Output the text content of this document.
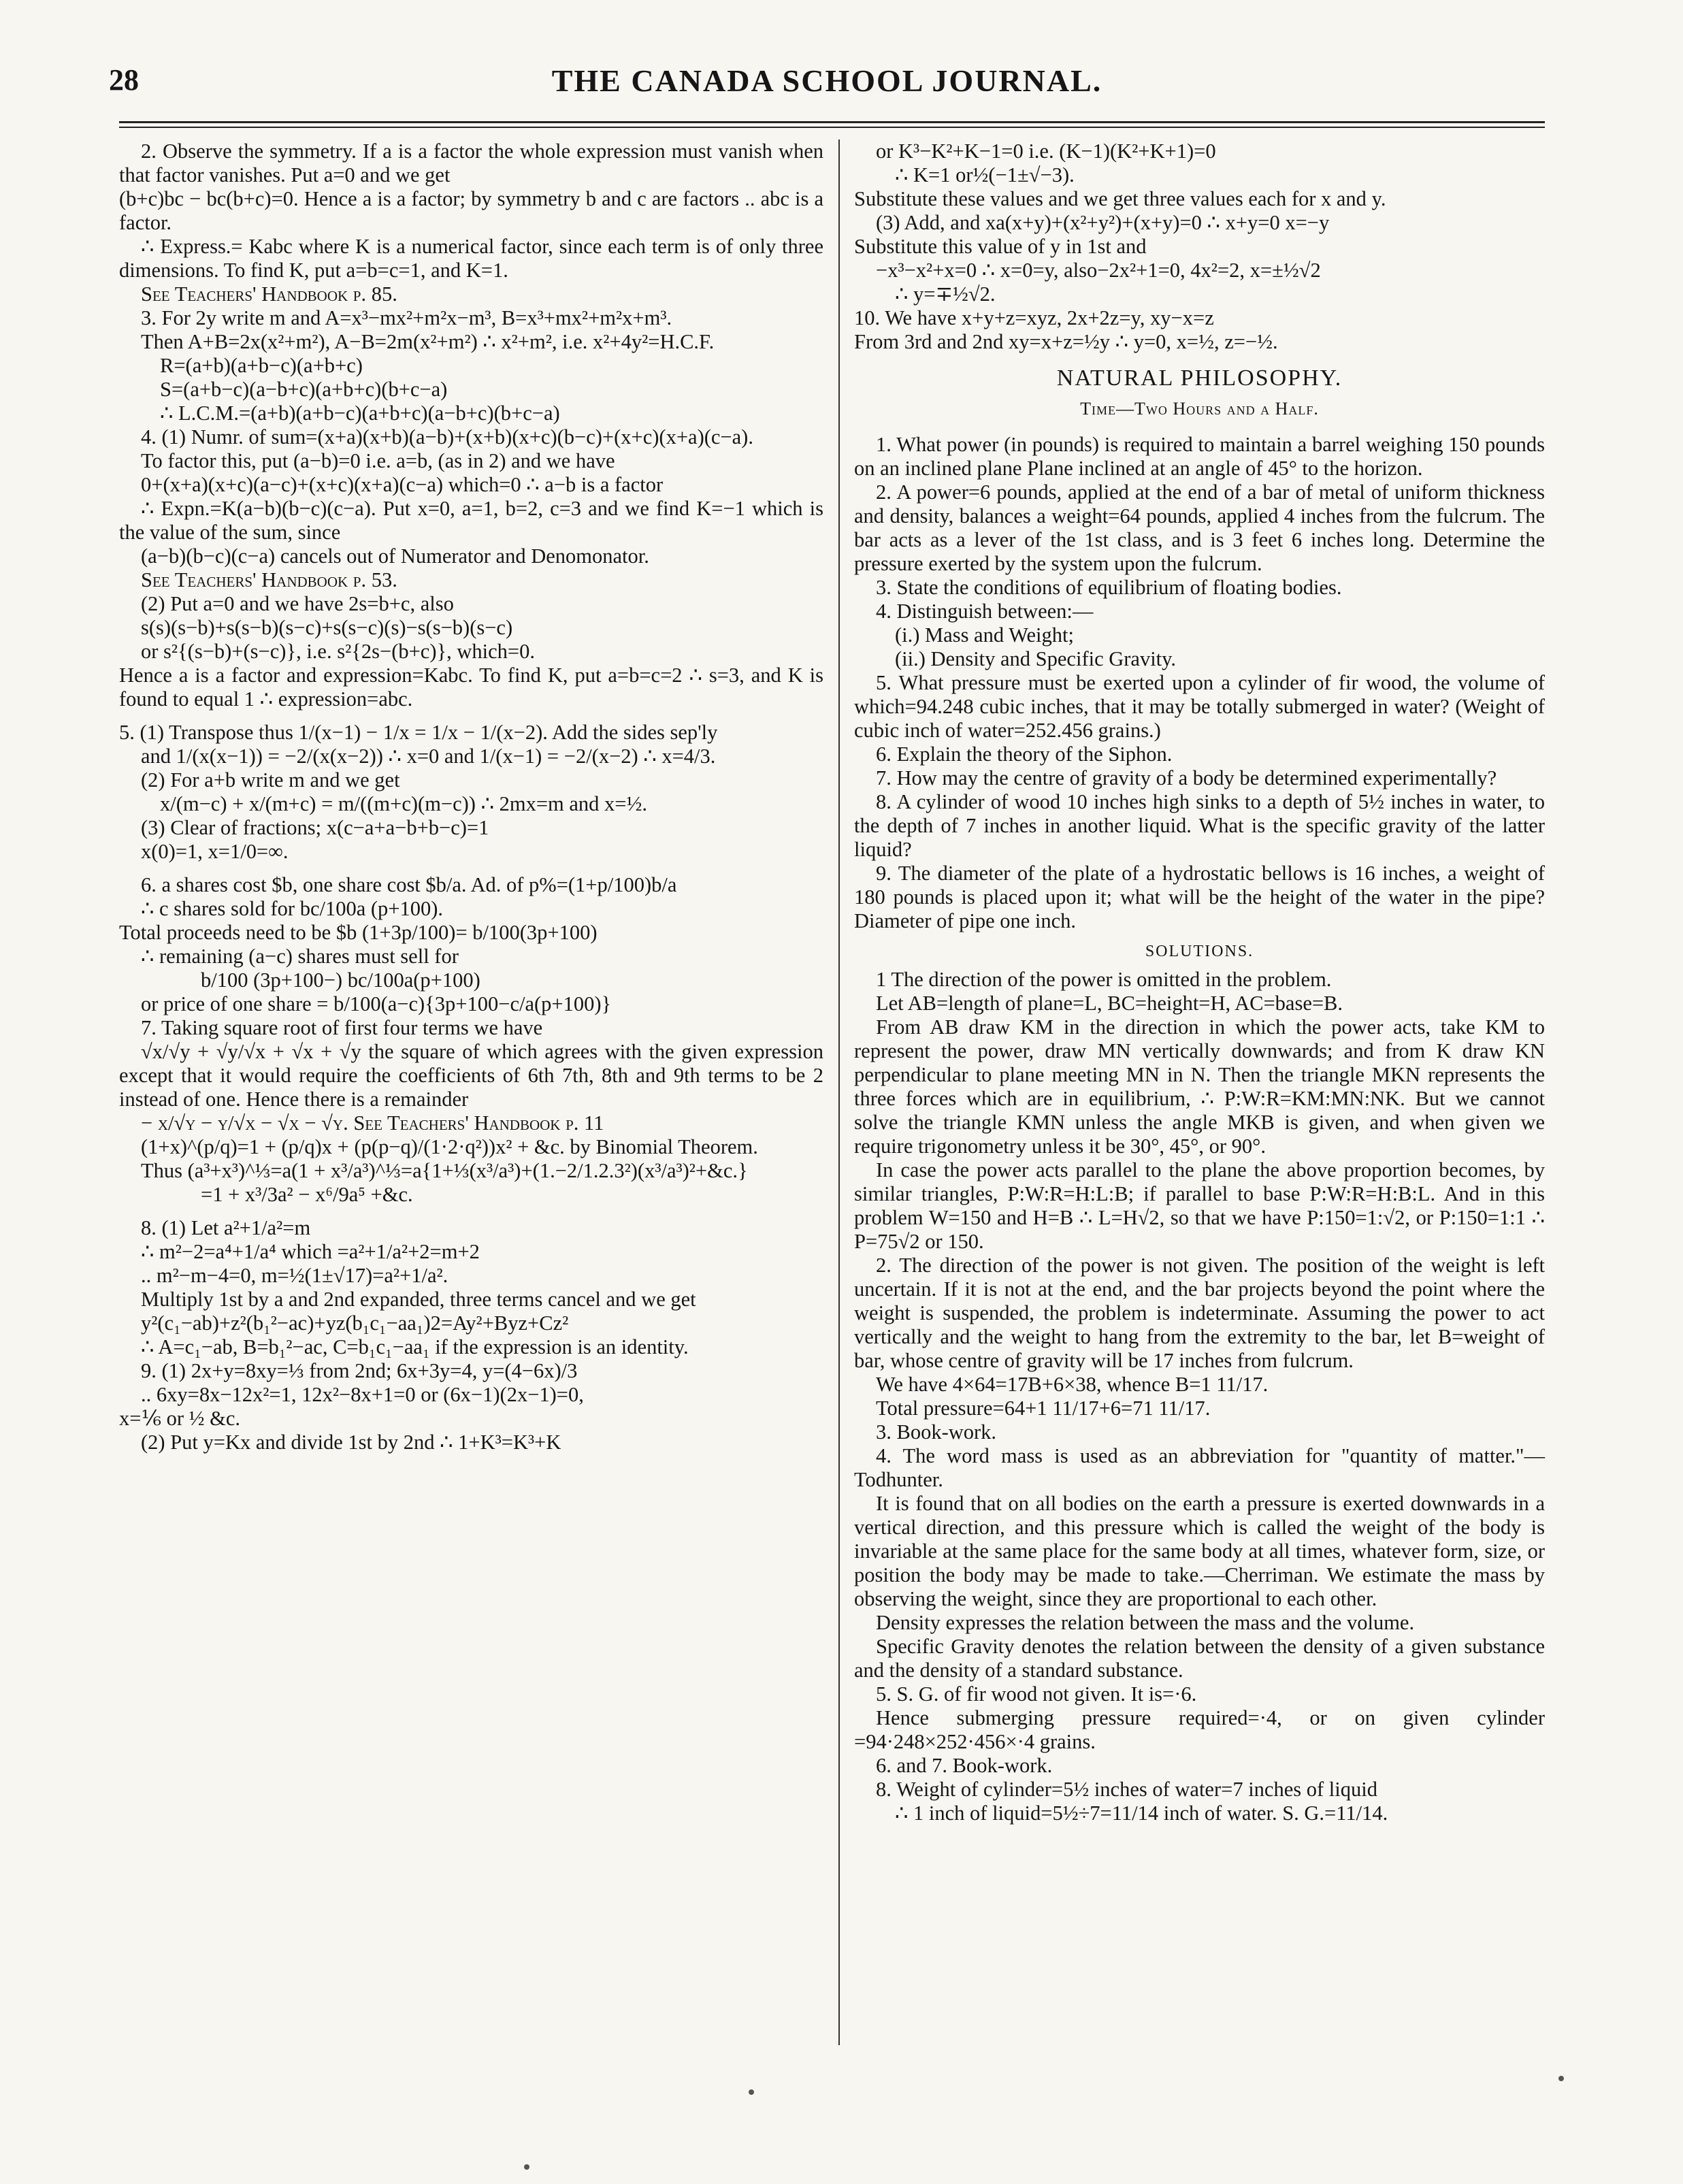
28	THE CANADA SCHOOL JOURNAL.

2. Observe the symmetry. If a is a factor the whole expression must vanish when that factor vanishes. Put a=0 and we get

(b+c)bc − bc(b+c)=0. Hence a is a factor; by symmetry b and c are factors .. abc is a factor.

∴ Express.= Kabc where K is a numerical factor, since each term is of only three dimensions. To find K, put a=b=c=1, and K=1.

See Teachers' Handbook p. 85.

3. For 2y write m and A=x³−mx²+m²x−m³, B=x³+mx²+m²x+m³.

Then A+B=2x(x²+m²), A−B=2m(x²+m²) ∴ x²+m², i.e. x²+4y²=H.C.F.

R=(a+b)(a+b−c)(a+b+c)

S=(a+b−c)(a−b+c)(a+b+c)(b+c−a)

∴ L.C.M.=(a+b)(a+b−c)(a+b+c)(a−b+c)(b+c−a)

4. (1) Numr. of sum=(x+a)(x+b)(a−b)+(x+b)(x+c)(b−c)+(x+c)(x+a)(c−a).

To factor this, put (a−b)=0 i.e. a=b, (as in 2) and we have

0+(x+a)(x+c)(a−c)+(x+c)(x+a)(c−a) which=0 ∴ a−b is a factor

∴ Expn.=K(a−b)(b−c)(c−a). Put x=0, a=1, b=2, c=3 and we find K=−1 which is the value of the sum, since

(a−b)(b−c)(c−a) cancels out of Numerator and Denomonator.

See Teachers' Handbook p. 53.

(2) Put a=0 and we have 2s=b+c, also

s(s)(s−b)+s(s−b)(s−c)+s(s−c)(s)−s(s−b)(s−c)

or s²{(s−b)+(s−c)}, i.e. s²{2s−(b+c)}, which=0.

Hence a is a factor and expression=Kabc. To find K, put a=b=c=2 ∴ s=3, and K is found to equal 1 ∴ expression=abc.

5. (1) Transpose thus 1/(x−1) − 1/x = 1/x − 1/(x−2). Add the sides sep'ly

and 1/(x(x−1)) = −2/(x(x−2)) ∴ x=0 and 1/(x−1) = −2/(x−2) ∴ x=4/3.

(2) For a+b write m and we get

x/(m−c) + x/(m+c) = m/((m+c)(m−c)) ∴ 2mx=m and x=½.

(3) Clear of fractions; x(c−a+a−b+b−c)=1

x(0)=1, x=1/0=∞.

6. a shares cost $b, one share cost $b/a. Ad. of p%=(1+p/100)b/a

∴ c shares sold for bc/100a (p+100).

Total proceeds need to be $b (1+3p/100)= b/100(3p+100)

∴ remaining (a−c) shares must sell for

b/100 (3p+100−) bc/100a(p+100)

or price of one share = b/100(a−c){3p+100−c/a(p+100)}

7. Taking square root of first four terms we have

√x/√y + √y/√x + √x + √y the square of which agrees with the given expression except that it would require the coefficients of 6th 7th, 8th and 9th terms to be 2 instead of one. Hence there is a remainder

− x/√y − y/√x − √x − √y. See Teachers' Handbook p. 11

(1+x)^(p/q)=1 + (p/q)x + (p(p−q)/(1·2·q²))x² + &c. by Binomial Theorem.

Thus (a³+x³)^⅓=a(1 + x³/a³)^⅓=a{1+⅓(x³/a³)+(1.−2/1.2.3²)(x³/a³)²+&c.}

=1 + x³/3a² − x⁶/9a⁵ +&c.

8. (1) Let a²+1/a²=m

∴ m²−2=a⁴+1/a⁴ which =a²+1/a²+2=m+2

.. m²−m−4=0, m=½(1±√17)=a²+1/a².

Multiply 1st by a and 2nd expanded, three terms cancel and we get

y²(c₁−ab)+z²(b₁²−ac)+yz(b₁c₁−aa₁)2=Ay²+Byz+Cz²

∴ A=c₁−ab, B=b₁²−ac, C=b₁c₁−aa₁ if the expression is an identity.

9. (1) 2x+y=8xy=⅓ from 2nd; 6x+3y=4, y=(4−6x)/3

.. 6xy=8x−12x²=1, 12x²−8x+1=0 or (6x−1)(2x−1)=0,

x=⅙ or ½ &c.

(2) Put y=Kx and divide 1st by 2nd ∴ 1+K³=K³+K

or K³−K²+K−1=0 i.e. (K−1)(K²+K+1)=0

∴ K=1 or½(−1±√−3).

Substitute these values and we get three values each for x and y.

(3) Add, and xa(x+y)+(x²+y²)+(x+y)=0 ∴ x+y=0 x=−y

Substitute this value of y in 1st and

−x³−x²+x=0 ∴ x=0=y, also−2x²+1=0, 4x²=2, x=±½√2

∴ y=∓½√2.

10. We have x+y+z=xyz, 2x+2z=y, xy−x=z

From 3rd and 2nd xy=x+z=½y ∴ y=0, x=½, z=−½.

NATURAL PHILOSOPHY.
Time—Two Hours and a Half.

1. What power (in pounds) is required to maintain a barrel weighing 150 pounds on an inclined plane Plane inclined at an angle of 45° to the horizon.

2. A power=6 pounds, applied at the end of a bar of metal of uniform thickness and density, balances a weight=64 pounds, applied 4 inches from the fulcrum. The bar acts as a lever of the 1st class, and is 3 feet 6 inches long. Determine the pressure exerted by the system upon the fulcrum.

3. State the conditions of equilibrium of floating bodies.

4. Distinguish between:—

(i.) Mass and Weight;

(ii.) Density and Specific Gravity.

5. What pressure must be exerted upon a cylinder of fir wood, the volume of which=94.248 cubic inches, that it may be totally submerged in water? (Weight of cubic inch of water=252.456 grains.)

6. Explain the theory of the Siphon.

7. How may the centre of gravity of a body be determined experimentally?

8. A cylinder of wood 10 inches high sinks to a depth of 5½ inches in water, to the depth of 7 inches in another liquid. What is the specific gravity of the latter liquid?

9. The diameter of the plate of a hydrostatic bellows is 16 inches, a weight of 180 pounds is placed upon it; what will be the height of the water in the pipe? Diameter of pipe one inch.

SOLUTIONS.

1 The direction of the power is omitted in the problem.

Let AB=length of plane=L, BC=height=H, AC=base=B.

From AB draw KM in the direction in which the power acts, take KM to represent the power, draw MN vertically downwards; and from K draw KN perpendicular to plane meeting MN in N. Then the triangle MKN represents the three forces which are in equilibrium, ∴ P:W:R=KM:MN:NK. But we cannot solve the triangle KMN unless the angle MKB is given, and when given we require trigonometry unless it be 30°, 45°, or 90°.

In case the power acts parallel to the plane the above proportion becomes, by similar triangles, P:W:R=H:L:B; if parallel to base P:W:R=H:B:L. And in this problem W=150 and H=B ∴ L=H√2, so that we have P:150=1:√2, or P:150=1:1 ∴ P=75√2 or 150.

2. The direction of the power is not given. The position of the weight is left uncertain. If it is not at the end, and the bar projects beyond the point where the weight is suspended, the problem is indeterminate. Assuming the power to act vertically and the weight to hang from the extremity to the bar, let B=weight of bar, whose centre of gravity will be 17 inches from fulcrum.

We have 4×64=17B+6×38, whence B=1 11/17.

Total pressure=64+1 11/17+6=71 11/17.

3. Book-work.

4. The word mass is used as an abbreviation for "quantity of matter."—Todhunter.

It is found that on all bodies on the earth a pressure is exerted downwards in a vertical direction, and this pressure which is called the weight of the body is invariable at the same place for the same body at all times, whatever form, size, or position the body may be made to take.—Cherriman. We estimate the mass by observing the weight, since they are proportional to each other.

Density expresses the relation between the mass and the volume.

Specific Gravity denotes the relation between the density of a given substance and the density of a standard substance.

5. S. G. of fir wood not given. It is=·6.

Hence submerging pressure required=·4, or on given cylinder =94·248×252·456×·4 grains.

6. and 7. Book-work.

8. Weight of cylinder=5½ inches of water=7 inches of liquid

∴ 1 inch of liquid=5½÷7=11/14 inch of water. S. G.=11/14.
